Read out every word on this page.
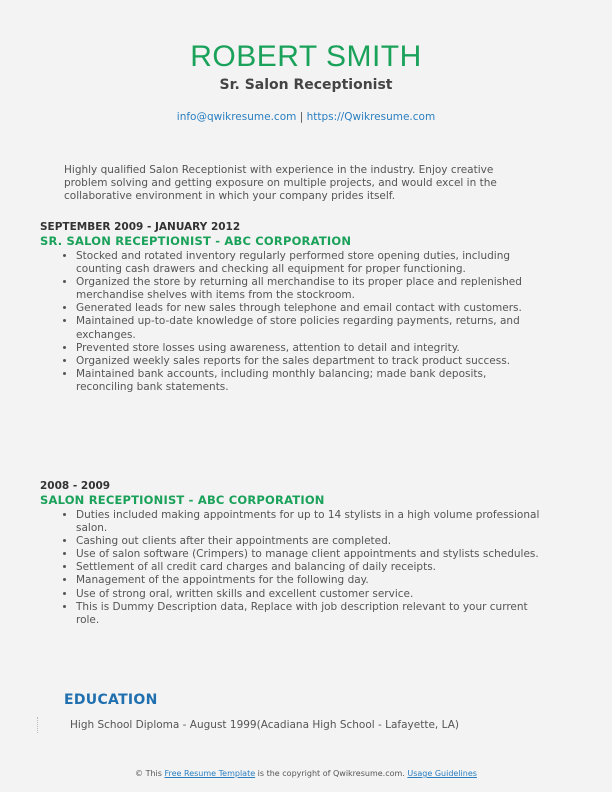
ROBERT SMITH
Sr. Salon Receptionist
info@qwikresume.com | https://Qwikresume.com
Highly qualified Salon Receptionist with experience in the industry. Enjoy creative problem solving and getting exposure on multiple projects, and would excel in the collaborative environment in which your company prides itself.
SEPTEMBER 2009 - JANUARY 2012
SR. SALON RECEPTIONIST - ABC CORPORATION
• Stocked and rotated inventory regularly performed store opening duties, including counting cash drawers and checking all equipment for proper functioning.
• Organized the store by returning all merchandise to its proper place and replenished merchandise shelves with items from the stockroom.
• Generated leads for new sales through telephone and email contact with customers.
• Maintained up-to-date knowledge of store policies regarding payments, returns, and exchanges.
• Prevented store losses using awareness, attention to detail and integrity.
• Organized weekly sales reports for the sales department to track product success.
• Maintained bank accounts, including monthly balancing; made bank deposits, reconciling bank statements.
2008 - 2009
SALON RECEPTIONIST - ABC CORPORATION
• Duties included making appointments for up to 14 stylists in a high volume professional salon.
• Cashing out clients after their appointments are completed.
• Use of salon software (Crimpers) to manage client appointments and stylists schedules.
• Settlement of all credit card charges and balancing of daily receipts.
• Management of the appointments for the following day.
• Use of strong oral, written skills and excellent customer service.
• This is Dummy Description data, Replace with job description relevant to your current role.
EDUCATION
High School Diploma - August 1999(Acadiana High School - Lafayette, LA)
© This Free Resume Template is the copyright of Qwikresume.com. Usage Guidelines
